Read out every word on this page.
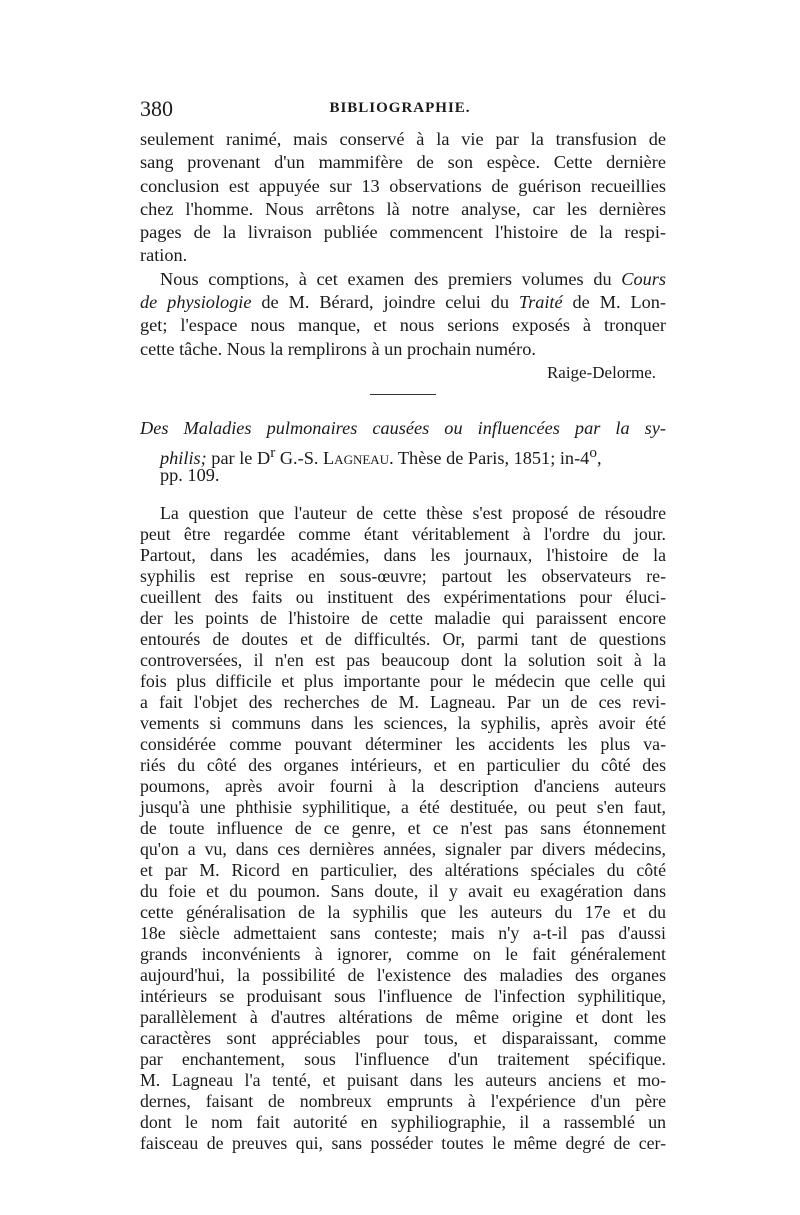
380	BIBLIOGRAPHIE.
seulement ranimé, mais conservé à la vie par la transfusion de
sang provenant d'un mammifère de son espèce. Cette dernière
conclusion est appuyée sur 13 observations de guérison recueillies
chez l'homme. Nous arrêtons là notre analyse, car les dernières
pages de la livraison publiée commencent l'histoire de la respi-
ration.
Nous comptions, à cet examen des premiers volumes du Cours
de physiologie de M. Bérard, joindre celui du Traité de M. Lon-
get; l'espace nous manque, et nous serions exposés à tronquer
cette tâche. Nous la remplirons à un prochain numéro.
Raige-Delorme.
Des Maladies pulmonaires causées ou influencées par la sy-
philis; par le $D^r$ G.-S. Lagneau. Thèse de Paris, 1851; in-4$^o$,
pp. 109.
La question que l'auteur de cette thèse s'est proposé de résoudre
peut être regardée comme étant véritablement à l'ordre du jour.
Partout, dans les académies, dans les journaux, l'histoire de la
syphilis est reprise en sous-œuvre; partout les observateurs re-
cueillent des faits ou instituent des expérimentations pour éluci-
der les points de l'histoire de cette maladie qui paraissent encore
entourés de doutes et de difficultés. Or, parmi tant de questions
controversées, il n'en est pas beaucoup dont la solution soit à la
fois plus difficile et plus importante pour le médecin que celle qui
a fait l'objet des recherches de M. Lagneau. Par un de ces revi-
vements si communs dans les sciences, la syphilis, après avoir été
considérée comme pouvant déterminer les accidents les plus va-
riés du côté des organes intérieurs, et en particulier du côté des
poumons, après avoir fourni à la description d'anciens auteurs
jusqu'à une phthisie syphilitique, a été destituée, ou peut s'en faut,
de toute influence de ce genre, et ce n'est pas sans étonnement
qu'on a vu, dans ces dernières années, signaler par divers médecins,
et par M. Ricord en particulier, des altérations spéciales du côté
du foie et du poumon. Sans doute, il y avait eu exagération dans
cette généralisation de la syphilis que les auteurs du 17e et du
18e siècle admettaient sans conteste; mais n'y a-t-il pas d'aussi
grands inconvénients à ignorer, comme on le fait généralement
aujourd'hui, la possibilité de l'existence des maladies des organes
intérieurs se produisant sous l'influence de l'infection syphilitique,
parallèlement à d'autres altérations de même origine et dont les
caractères sont appréciables pour tous, et disparaissant, comme
par enchantement, sous l'influence d'un traitement spécifique.
M. Lagneau l'a tenté, et puisant dans les auteurs anciens et mo-
dernes, faisant de nombreux emprunts à l'expérience d'un père
dont le nom fait autorité en syphiliographie, il a rassemblé un
faisceau de preuves qui, sans posséder toutes le même degré de cer-
